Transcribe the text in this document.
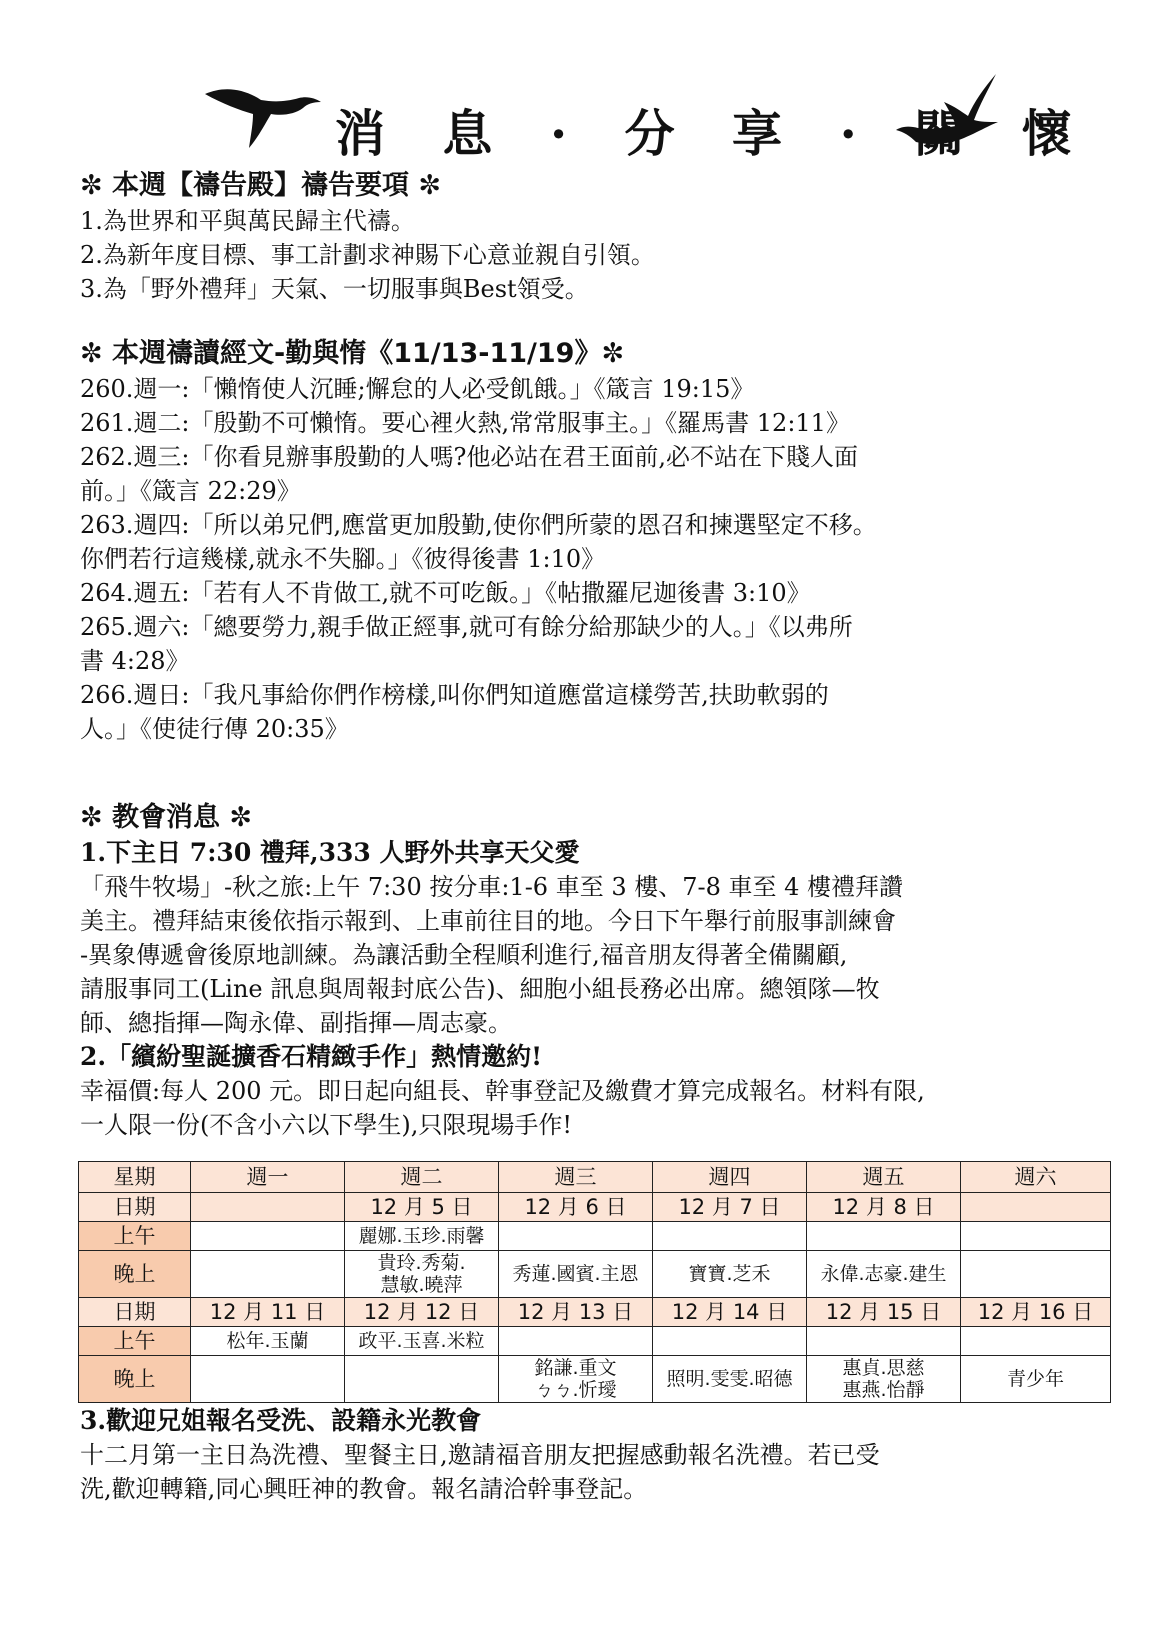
消 息 · 分 享 · 關 懷
✼ 本週【禱告殿】禱告要項 ✼
1.為世界和平與萬民歸主代禱。
2.為新年度目標、事工計劃求神賜下心意並親自引領。
3.為「野外禮拜」天氣、一切服事與Best領受。
✼ 本週禱讀經文-勤與惰《11/13-11/19》✼
260.週一:「懶惰使人沉睡;懈怠的人必受飢餓。」《箴言 19:15》
261.週二:「殷勤不可懶惰。要心裡火熱,常常服事主。」《羅馬書 12:11》
262.週三:「你看見辦事殷勤的人嗎?他必站在君王面前,必不站在下賤人面
前。」《箴言 22:29》
263.週四:「所以弟兄們,應當更加殷勤,使你們所蒙的恩召和揀選堅定不移。
你們若行這幾樣,就永不失腳。」《彼得後書 1:10》
264.週五:「若有人不肯做工,就不可吃飯。」《帖撒羅尼迦後書 3:10》
265.週六:「總要勞力,親手做正經事,就可有餘分給那缺少的人。」《以弗所
書 4:28》
266.週日:「我凡事給你們作榜樣,叫你們知道應當這樣勞苦,扶助軟弱的
人。」《使徒行傳 20:35》
✼ 教會消息 ✼
1.下主日 7:30 禮拜,333 人野外共享天父愛
「飛牛牧場」-秋之旅:上午 7:30 按分車:1-6 車至 3 樓、7-8 車至 4 樓禮拜讚
美主。禮拜結束後依指示報到、上車前往目的地。今日下午舉行前服事訓練會
-異象傳遞會後原地訓練。為讓活動全程順利進行,福音朋友得著全備關顧,
請服事同工(Line 訊息與周報封底公告)、細胞小組長務必出席。總領隊—牧
師、總指揮—陶永偉、副指揮—周志豪。
2.「繽紛聖誕擴香石精緻手作」熱情邀約!
幸福價:每人 200 元。即日起向組長、幹事登記及繳費才算完成報名。材料有限,
一人限一份(不含小六以下學生),只限現場手作!
星期	週一	週二	週三	週四	週五	週六
日期		12 月 5 日	12 月 6 日	12 月 7 日	12 月 8 日	
上午		麗娜.玉珍.雨馨				
晚上		貴玲.秀菊.
慧敏.曉萍	秀蓮.國賓.主恩	寶寶.芝禾	永偉.志豪.建生	
日期	12 月 11 日	12 月 12 日	12 月 13 日	12 月 14 日	12 月 15 日	12 月 16 日
上午	松年.玉蘭	政平.玉喜.米粒				
晚上			銘謙.重文
ㄅㄅ.忻璦	照明.雯雯.昭德	惠貞.思慈
惠燕.怡靜	青少年
3.歡迎兄姐報名受洗、設籍永光教會
十二月第一主日為洗禮、聖餐主日,邀請福音朋友把握感動報名洗禮。若已受
洗,歡迎轉籍,同心興旺神的教會。報名請洽幹事登記。
